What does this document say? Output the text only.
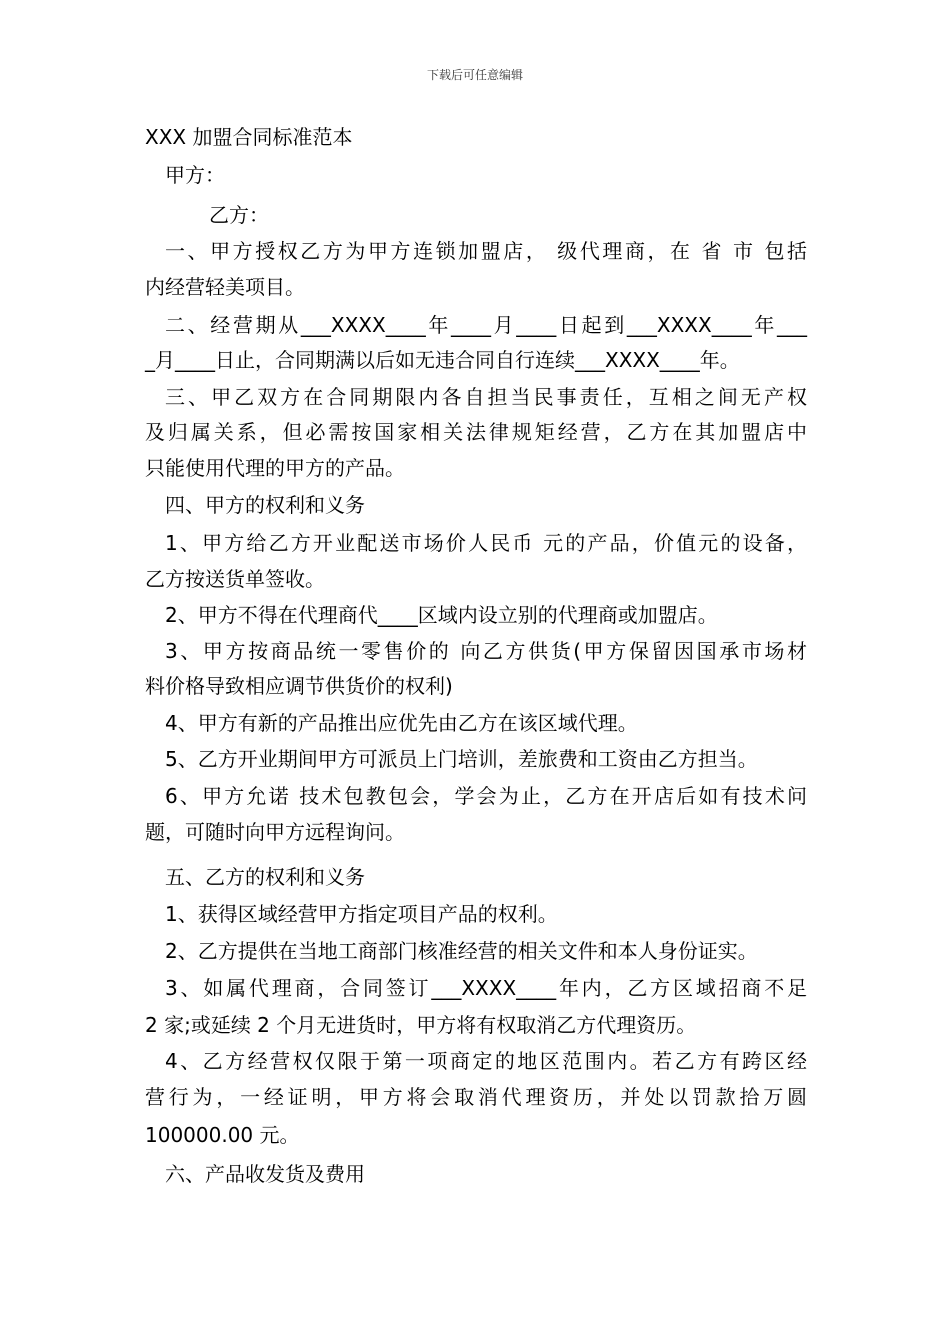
下载后可任意编辑
XXX 加盟合同标准范本
甲方：
乙方：
一、甲方授权乙方为甲方连锁加盟店， 级代理商，在 省 市 包括
内经营轻美项目。
二、经营期从___XXXX____年____月____日起到___XXXX____年___
_月____日止，合同期满以后如无违合同自行连续___XXXX____年。
三、甲乙双方在合同期限内各自担当民事责任，互相之间无产权
及归属关系，但必需按国家相关法律规矩经营，乙方在其加盟店中
只能使用代理的甲方的产品。
四、甲方的权利和义务
1、甲方给乙方开业配送市场价人民币 元的产品，价值元的设备，
乙方按送货单签收。
2、甲方不得在代理商代____区域内设立别的代理商或加盟店。
3、甲方按商品统一零售价的 向乙方供货(甲方保留因国承市场材
料价格导致相应调节供货价的权利)
4、甲方有新的产品推出应优先由乙方在该区域代理。
5、乙方开业期间甲方可派员上门培训，差旅费和工资由乙方担当。
6、甲方允诺 技术包教包会，学会为止，乙方在开店后如有技术问
题，可随时向甲方远程询问。
五、乙方的权利和义务
1、获得区域经营甲方指定项目产品的权利。
2、乙方提供在当地工商部门核准经营的相关文件和本人身份证实。
3、如属代理商，合同签订___XXXX____年内，乙方区域招商不足
2 家;或延续 2 个月无进货时，甲方将有权取消乙方代理资历。
4、乙方经营权仅限于第一项商定的地区范围内。若乙方有跨区经
营行为，一经证明，甲方将会取消代理资历，并处以罚款拾万圆
100000.00 元。
六、产品收发货及费用
